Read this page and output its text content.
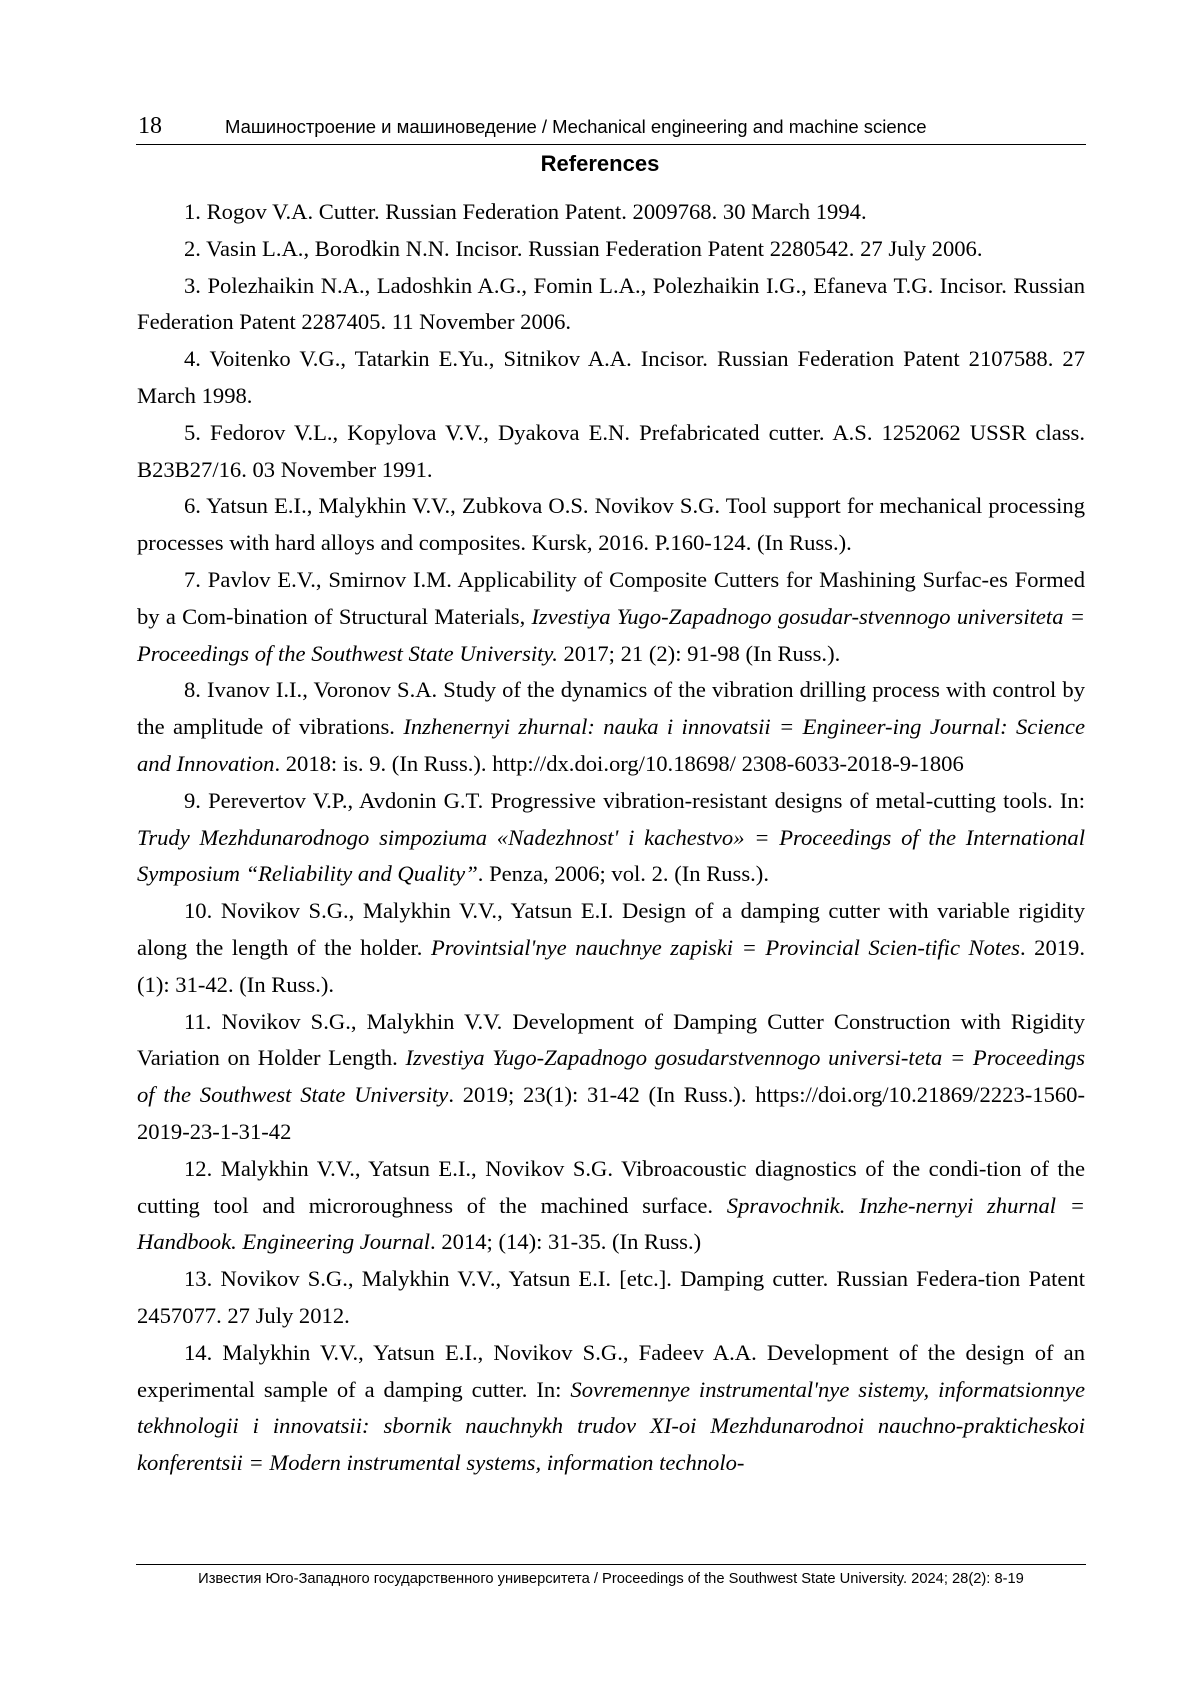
18	Машиностроение и машиноведение / Mechanical engineering and machine science
References

1. Rogov V.A. Cutter. Russian Federation Patent. 2009768. 30 March 1994.

2. Vasin L.A., Borodkin N.N. Incisor. Russian Federation Patent 2280542. 27 July 2006.

3. Polezhaikin N.A., Ladoshkin A.G., Fomin L.A., Polezhaikin I.G., Efaneva T.G. Incisor. Russian Federation Patent 2287405. 11 November 2006.

4. Voitenko V.G., Tatarkin E.Yu., Sitnikov A.A. Incisor. Russian Federation Patent 2107588. 27 March 1998.

5. Fedorov V.L., Kopylova V.V., Dyakova E.N. Prefabricated cutter. A.S. 1252062 USSR class. B23B27/16. 03 November 1991.

6. Yatsun E.I., Malykhin V.V., Zubkova O.S. Novikov S.G. Tool support for mechanical processing processes with hard alloys and composites. Kursk, 2016. P.160-124. (In Russ.).

7. Pavlov E.V., Smirnov I.M. Applicability of Composite Cutters for Mashining Surfac-es Formed by a Com-bination of Structural Materials, Izvestiya Yugo-Zapadnogo gosudar-stvennogo universiteta = Proceedings of the Southwest State University. 2017; 21 (2): 91-98 (In Russ.).

8. Ivanov I.I., Voronov S.A. Study of the dynamics of the vibration drilling process with control by the amplitude of vibrations. Inzhenernyi zhurnal: nauka i innovatsii = Engineer-ing Journal: Science and Innovation. 2018: is. 9. (In Russ.). http://dx.doi.org/10.18698/ 2308-6033-2018-9-1806

9. Perevertov V.P., Avdonin G.T. Progressive vibration-resistant designs of metal-cutting tools. In: Trudy Mezhdunarodnogo simpoziuma «Nadezhnost' i kachestvo» = Proceedings of the International Symposium “Reliability and Quality”. Penza, 2006; vol. 2. (In Russ.).

10. Novikov S.G., Malykhin V.V., Yatsun E.I. Design of a damping cutter with variable rigidity along the length of the holder. Provintsial'nye nauchnye zapiski = Provincial Scien-tific Notes. 2019. (1): 31-42. (In Russ.).

11. Novikov S.G., Malykhin V.V. Development of Damping Cutter Construction with Rigidity Variation on Holder Length. Izvestiya Yugo-Zapadnogo gosudarstvennogo universi-teta = Proceedings of the Southwest State University. 2019; 23(1): 31-42 (In Russ.). https://doi.org/10.21869/2223-1560-2019-23-1-31-42

12. Malykhin V.V., Yatsun E.I., Novikov S.G. Vibroacoustic diagnostics of the condi-tion of the cutting tool and microroughness of the machined surface. Spravochnik. Inzhe-nernyi zhurnal = Handbook. Engineering Journal. 2014; (14): 31-35. (In Russ.)

13. Novikov S.G., Malykhin V.V., Yatsun E.I. [etc.]. Damping cutter. Russian Federa-tion Patent 2457077. 27 July 2012.

14. Malykhin V.V., Yatsun E.I., Novikov S.G., Fadeev A.A. Development of the design of an experimental sample of a damping cutter. In: Sovremennye instrumental'nye sistemy, informatsionnye tekhnologii i innovatsii: sbornik nauchnykh trudov XI-oi Mezhdunarodnoi nauchno-prakticheskoi konferentsii = Modern instrumental systems, information technolo-

Известия Юго-Западного государственного университета / Proceedings of the Southwest State University. 2024; 28(2): 8-19
